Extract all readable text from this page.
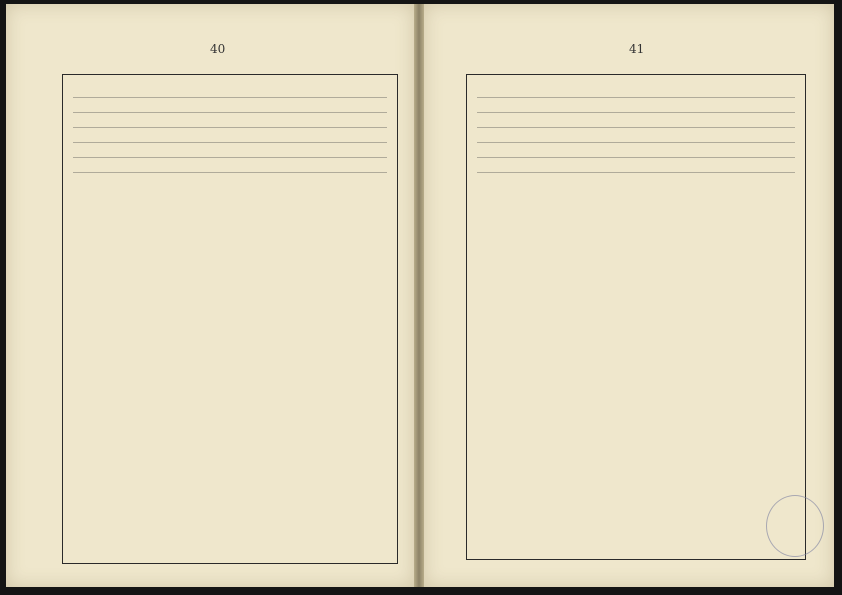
40	41
